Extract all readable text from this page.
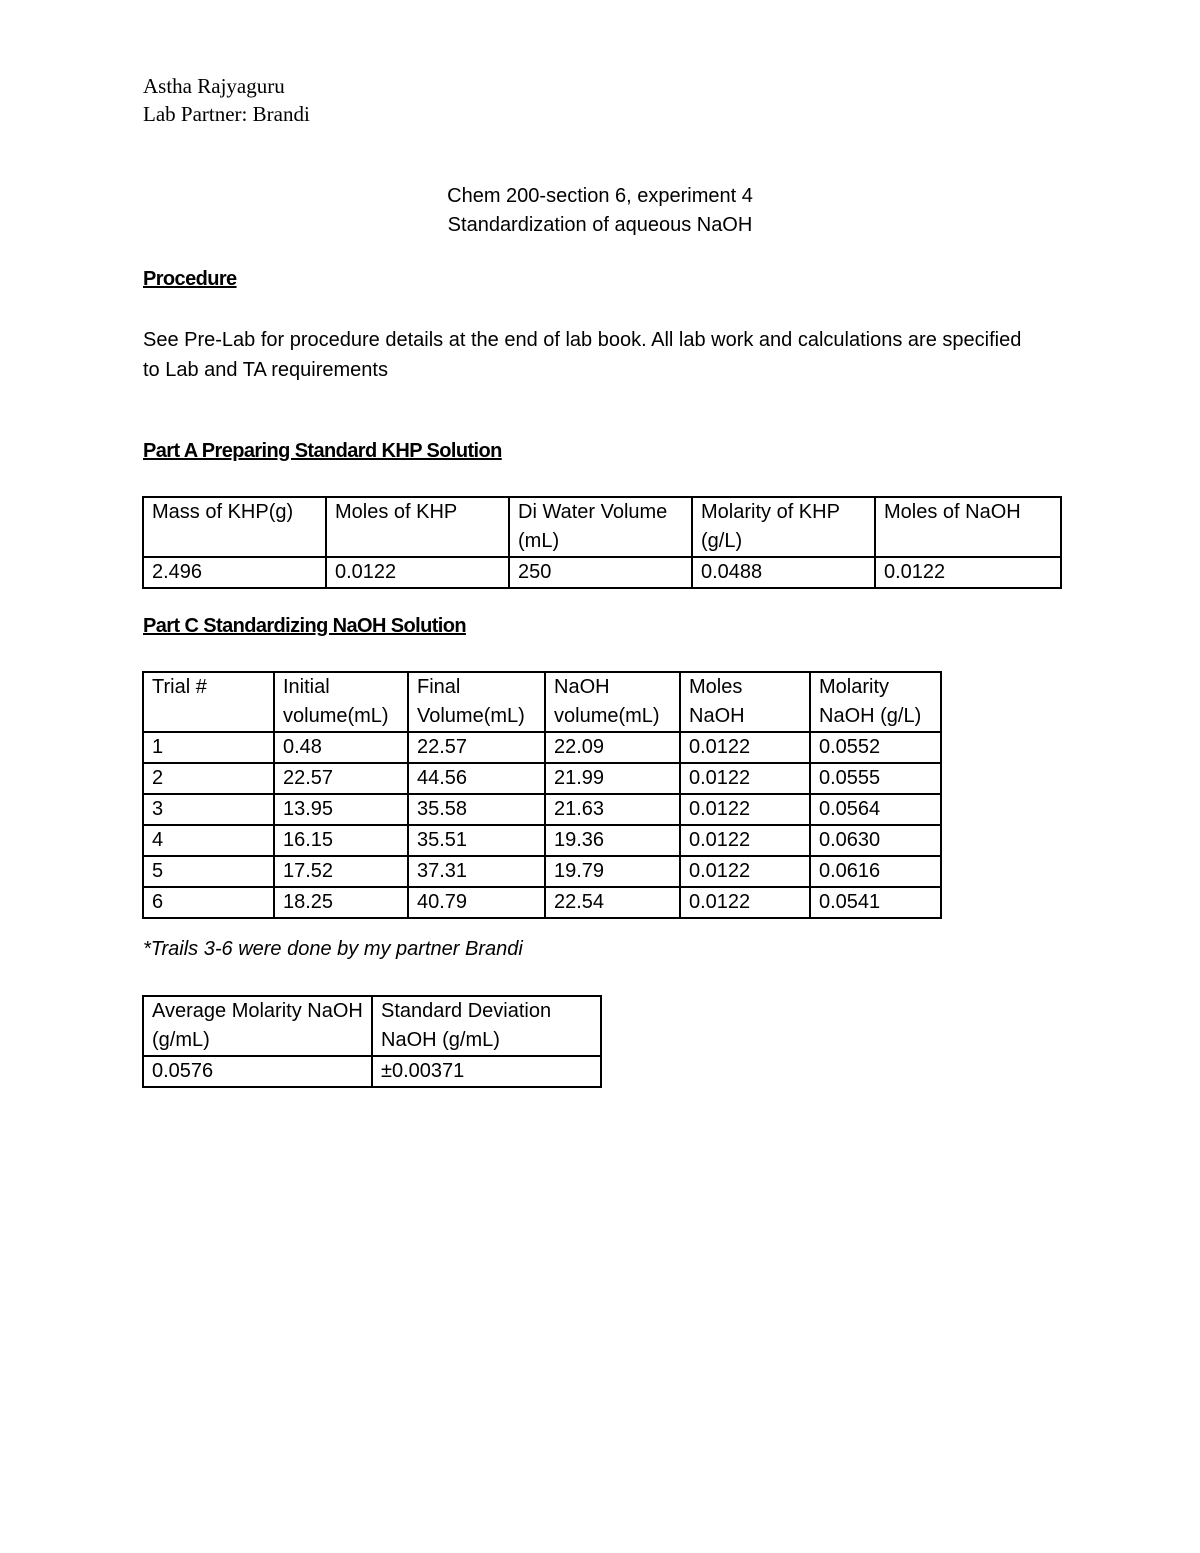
Astha Rajyaguru
Lab Partner: Brandi
Chem 200-section 6, experiment 4
Standardization of aqueous NaOH
Procedure
See Pre-Lab for procedure details at the end of lab book. All lab work and calculations are specified to Lab and TA requirements
Part A Preparing Standard KHP Solution
Mass of KHP(g)	Moles of KHP	Di Water Volume (mL)	Molarity of KHP (g/L)	Moles of NaOH
2.496	0.0122	250	0.0488	0.0122
Part C Standardizing NaOH Solution
Trial #	Initial volume(mL)	Final Volume(mL)	NaOH volume(mL)	Moles NaOH	Molarity NaOH (g/L)
1	0.48	22.57	22.09	0.0122	0.0552
2	22.57	44.56	21.99	0.0122	0.0555
3	13.95	35.58	21.63	0.0122	0.0564
4	16.15	35.51	19.36	0.0122	0.0630
5	17.52	37.31	19.79	0.0122	0.0616
6	18.25	40.79	22.54	0.0122	0.0541
*Trails 3-6 were done by my partner Brandi
Average Molarity NaOH (g/mL)	Standard Deviation NaOH (g/mL)
0.0576	±0.00371
